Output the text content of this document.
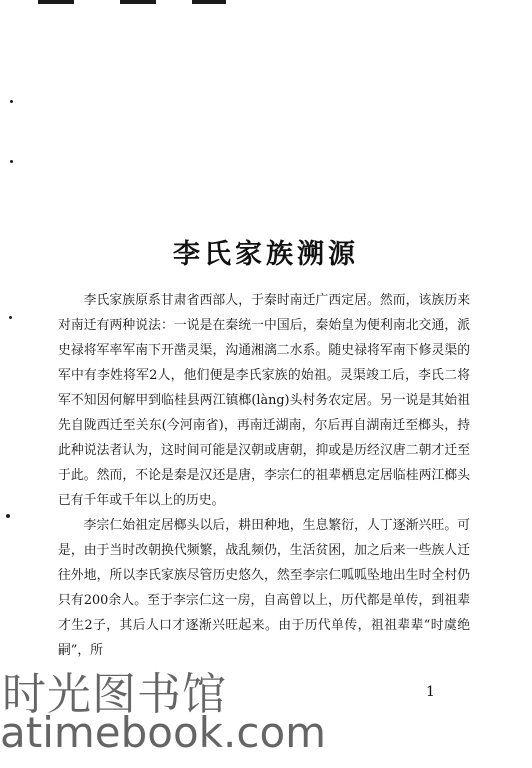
李氏家族溯源

李氏家族原系甘肃省西部人，于秦时南迁广西定居。然而，该族历来对南迁有两种说法：一说是在秦统一中国后，秦始皇为便利南北交通，派史禄将军率军南下开凿灵渠，沟通湘漓二水系。随史禄将军南下修灵渠的军中有李姓将军2人，他们便是李氏家族的始祖。灵渠竣工后，李氏二将军不知因何解甲到临桂县两江镇榔(làng)头村务农定居。另一说是其始祖先自陇西迁至关东(今河南省)，再南迁湖南，尔后再自湖南迁至榔头，持此种说法者认为，这时间可能是汉朝或唐朝，抑或是历经汉唐二朝才迁至于此。然而，不论是秦是汉还是唐，李宗仁的祖辈栖息定居临桂两江榔头已有千年或千年以上的历史。

李宗仁始祖定居榔头以后，耕田种地，生息繁衍，人丁逐渐兴旺。可是，由于当时改朝换代频繁，战乱频仍，生活贫困，加之后来一些族人迁往外地，所以李氏家族尽管历史悠久，然至李宗仁呱呱坠地出生时全村仍只有200余人。至于李宗仁这一房，自高曾以上，历代都是单传，到祖辈才生2子，其后人口才逐渐兴旺起来。由于历代单传，祖祖辈辈“时虞绝嗣”，所

1
时光图书馆
atimebook.com
